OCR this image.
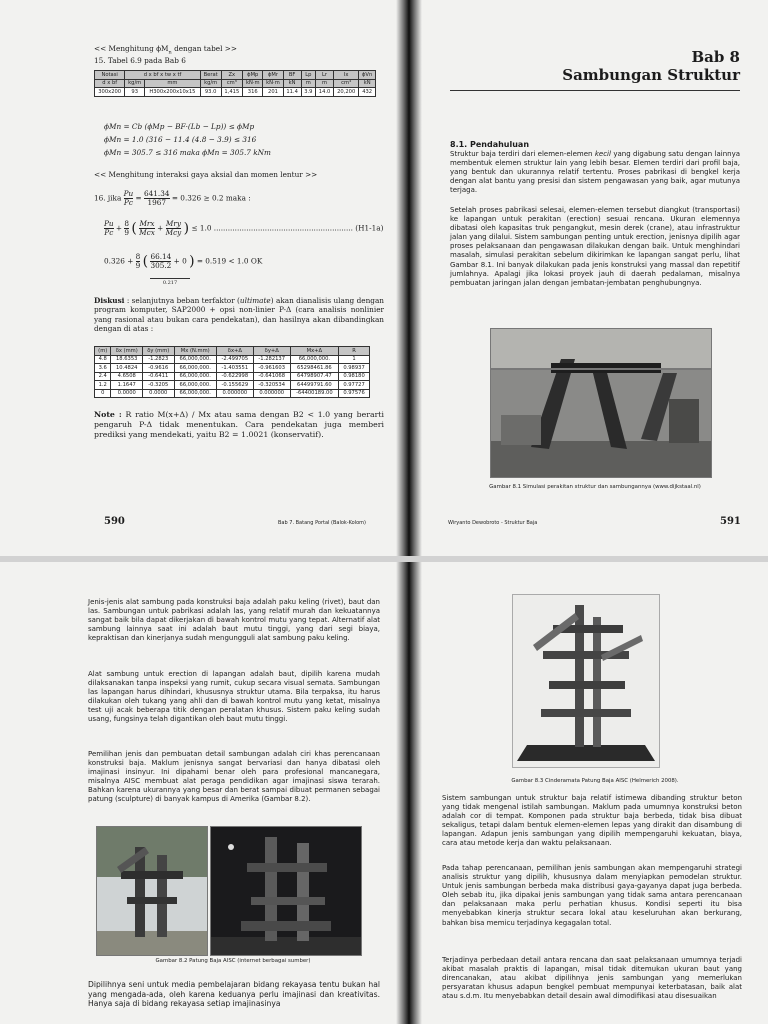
<< Menghitung $\phi M_n$ dengan tabel >>
15. Tabel 6.9 pada Bab 6
Notasi	d x bf x tw x tf		Berat	Zx	ϕMp	ϕMr	BF	Lp	Lr	Ix	ϕVn
d x bf	kg/m	mm	kg/m	cm³	kN·m	kN·m	kN	m	m	cm⁴	kN
300x200	93	H300x200x10x15	93.0	1,415	316	201	11.4	3.9	14.0	20,200	432
ϕMn = Cb (ϕMp − BF·(Lb − Lp)) ≤ ϕMp
ϕMn = 1.0 (316 − 11.4 (4.8 − 3.9) ≤ 316
ϕMn = 305.7 ≤ 316 maka ϕMn = 305.7 kNm
<< Menghitung interaksi gaya aksial dan momen lentur >>
16. jika $\frac{Pu}{Pc} = \frac{641.34}{1967} = 0.326 \ge 0.2$ maka :
$\frac{Pu}{Pc} + \frac{8}{9}$ ( $\frac{\text{Mrx}}{\text{Mcx}} + \frac{\text{Mry}}{\text{Mcy}}$ ) ≤ 1.0 ............................................................ (H1-1a)
$0.326 + \frac{8}{9}$ ( $\frac{66.14}{305.2} + 0$ ) = 0.519 < 1.0 OK
0.217
Diskusi : selanjutnya beban terfaktor (ultimate) akan dianalisis ulang dengan program komputer, SAP2000 + opsi non-linier P-Δ (cara analisis nonlinier yang rasional atau bukan cara pendekatan), dan hasilnya akan dibandingkan dengan di atas :
(m)	δx (mm)	δy (mm)	Mx (N.mm)	δx+Δ	δy+Δ	Mx+Δ	R
4.8	18.6353	-1.2823	66,000,000.	-2.499705	-1.282137	66,000,000.	1
3.6	10.4824	-0.9616	66,000,000.	-1.403551	-0.961603	65298461.86	0.98937
2.4	4.6508	-0.6411	66,000,000.	-0.622998	-0.641068	64798907.47	0.98180
1.2	1.1647	-0.3205	66,000,000.	-0.155629	-0.320534	64499791.60	0.97727
0	0.0000	0.0000	66,000,000.	0.000000	0.000000	-64400189.00	0.97576
Note : R ratio M(x+Δ) / Mx atau sama dengan B2 < 1.0 yang berarti pengaruh P-Δ tidak menentukan. Cara pendekatan juga memberi prediksi yang mendekati, yaitu B2 = 1.0021 (konservatif).
590	Bab 7. Batang Portal (Balok-Kolom)
Bab 8
Sambungan Struktur
8.1. Pendahuluan
Struktur baja terdiri dari elemen-elemen kecil yang digabung satu dengan lainnya membentuk elemen struktur lain yang lebih besar. Elemen terdiri dari profil baja, yang bentuk dan ukurannya relatif tertentu. Proses pabrikasi di bengkel kerja dengan alat bantu yang presisi dan sistem pengawasan yang baik, agar mutunya terjaga.
Setelah proses pabrikasi selesai, elemen-elemen tersebut diangkut (transportasi) ke lapangan untuk perakitan (erection) sesuai rencana. Ukuran elemennya dibatasi oleh kapasitas truk pengangkut, mesin derek (crane), atau infrastruktur jalan yang dilalui. Sistem sambungan penting untuk erection, jenisnya dipilih agar proses pelaksanaan dan pengawasan dilakukan dengan baik. Untuk menghindari masalah, simulasi perakitan sebelum dikirimkan ke lapangan sangat perlu, lihat Gambar 8.1. Ini banyak dilakukan pada jenis konstruksi yang massal dan repetitif jumlahnya. Apalagi jika lokasi proyek jauh di daerah pedalaman, misalnya pembuatan jaringan jalan dengan jembatan-jembatan penghubungnya.
Gambar 8.1 Simulasi perakitan struktur dan sambungannya (www.dijkstaal.nl)
Wiryanto Dewobroto - Struktur Baja	591
Jenis-jenis alat sambung pada konstruksi baja adalah paku keling (rivet), baut dan las. Sambungan untuk pabrikasi adalah las, yang relatif murah dan kekuatannya sangat baik bila dapat dikerjakan di bawah kontrol mutu yang tepat. Alternatif alat sambung lainnya saat ini adalah baut mutu tinggi, yang dari segi biaya, kepraktisan dan kinerjanya sudah mengungguli alat sambung paku keling.
Alat sambung untuk erection di lapangan adalah baut, dipilih karena mudah dilaksanakan tanpa inspeksi yang rumit, cukup secara visual semata. Sambungan las lapangan harus dihindari, khususnya struktur utama. Bila terpaksa, itu harus dilakukan oleh tukang yang ahli dan di bawah kontrol mutu yang ketat, misalnya test uji acak beberapa titik dengan peralatan khusus. Sistem paku keling sudah usang, fungsinya telah digantikan oleh baut mutu tinggi.
Pemilihan jenis dan pembuatan detail sambungan adalah ciri khas perencanaan konstruksi baja. Maklum jenisnya sangat bervariasi dan hanya dibatasi oleh imajinasi insinyur. Ini dipahami benar oleh para profesional mancanegara, misalnya AISC membuat alat peraga pendidikan agar imajinasi siswa terarah. Bahkan karena ukurannya yang besar dan berat sampai dibuat permanen sebagai patung (sculpture) di banyak kampus di Amerika (Gambar 8.2).
Gambar 8.2 Patung Baja AISC (internet berbagai sumber)
Dipilihnya seni untuk media pembelajaran bidang rekayasa tentu bukan hal yang mengada-ada, oleh karena keduanya perlu imajinasi dan kreativitas. Hanya saja di bidang rekayasa setiap imajinasinya
Gambar 8.3 Cinderamata Patung Baja AISC (Helmerich 2008).
Sistem sambungan untuk struktur baja relatif istimewa dibanding struktur beton yang tidak mengenal istilah sambungan. Maklum pada umumnya konstruksi beton adalah cor di tempat. Komponen pada struktur baja berbeda, tidak bisa dibuat sekaligus, tetapi dalam bentuk elemen-elemen lepas yang dirakit dan disambung di lapangan. Adapun jenis sambungan yang dipilih mempengaruhi kekuatan, biaya, cara atau metode kerja dan waktu pelaksanaan.
Pada tahap perencanaan, pemilihan jenis sambungan akan mempengaruhi strategi analisis struktur yang dipilih, khususnya dalam menyiapkan pemodelan struktur. Untuk jenis sambungan berbeda maka distribusi gaya-gayanya dapat juga berbeda. Oleh sebab itu, jika dipakai jenis sambungan yang tidak sama antara perencanaan dan pelaksanaan maka perlu perhatian khusus. Kondisi seperti itu bisa menyebabkan kinerja struktur secara lokal atau keseluruhan akan berkurang, bahkan bisa memicu terjadinya kegagalan total.
Terjadinya perbedaan detail antara rencana dan saat pelaksanaan umumnya terjadi akibat masalah praktis di lapangan, misal tidak ditemukan ukuran baut yang direncanakan, atau akibat dipilihnya jenis sambungan yang memerlukan persyaratan khusus adapun bengkel pembuat mempunyai keterbatasan, baik alat atau s.d.m. Itu menyebabkan detail desain awal dimodifikasi atau disesuaikan
